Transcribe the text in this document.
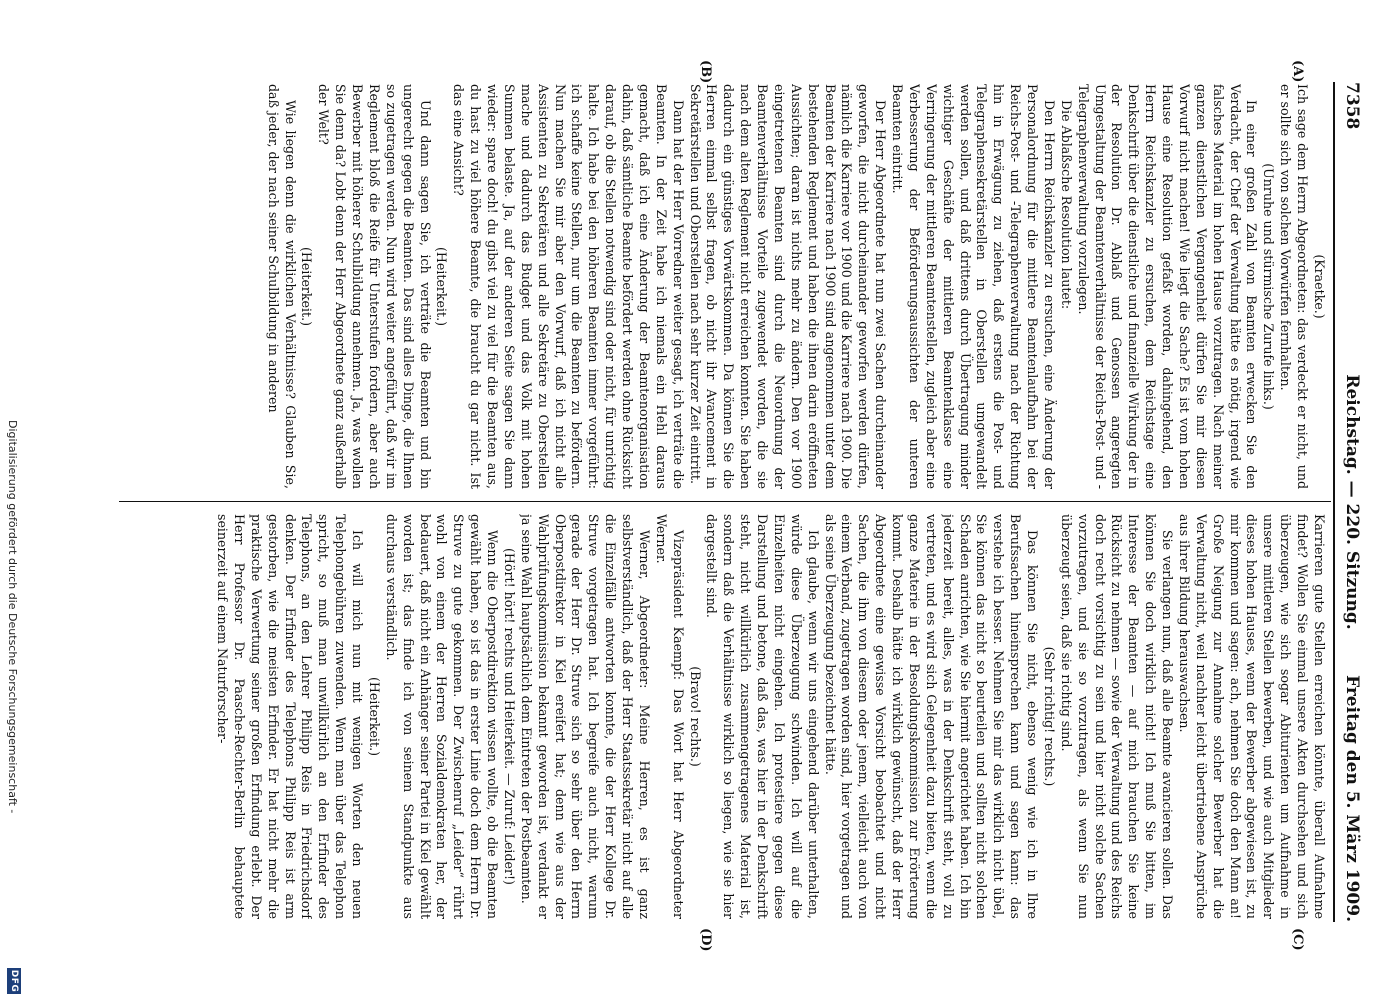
7358
Reichstag. — 220. Sitzung.
Freitag den 5. März 1909.
(A)
(B)
(C)
(D)

(Kraetke.)

Ich sage dem Herrn Abgeordneten: das verdeckt er nicht, und er sollte sich von solchen Vorwürfen fernhalten.

(Unruhe und stürmische Zurufe links.)

In einer großen Zahl von Beamten erwecken Sie den Verdacht, der Chef der Verwaltung hätte es nötig, irgend wie falsches Material im hohen Hause vorzutragen. Nach meiner ganzen dienstlichen Vergangenheit dürfen Sie mir diesen Vorwurf nicht machen! Wie liegt die Sache? Es ist vom hohen Hause eine Resolution gefaßt worden, dahingehend, den Herrn Reichskanzler zu ersuchen, dem Reichstage eine Denkschrift über die dienstliche und finanzielle Wirkung der in der Resolution Dr. Ablaß und Genossen angeregten Umgestaltung der Beamtenverhältnisse der Reichs-Post- und -Telegraphenverwaltung vorzulegen.

Die Ablaßsche Resolution lautet:

Den Herrn Reichskanzler zu ersuchen, eine Änderung der Personalordnung für die mittlere Beamtenlaufbahn bei der Reichs-Post- und -Telegraphenverwaltung nach der Richtung hin in Erwägung zu ziehen, daß erstens die Post- und Telegraphensekretärstellen in Oberstellen umgewandelt werden sollen, und daß drittens durch Übertragung minder wichtiger Geschäfte der mittleren Beamtenklasse eine Verringerung der mittleren Beamtenstellen, zugleich aber eine Verbesserung der Beförderungsaussichten der unteren Beamten eintritt.

Der Herr Abgeordnete hat nun zwei Sachen durcheinander geworfen, die nicht durcheinander geworfen werden dürfen, nämlich die Karriere vor 1900 und die Karriere nach 1900. Die Beamten der Karriere nach 1900 sind angenommen unter dem bestehenden Reglement und haben die ihnen darin eröffneten Aussichten; daran ist nichts mehr zu ändern. Den vor 1900 eingetretenen Beamten sind durch die Neuordnung der Beamtenverhältnisse Vorteile zugewendet worden, die sie nach dem alten Reglement nicht erreichen konnten. Sie haben dadurch ein günstiges Vorwärtskommen. Da können Sie die Herren einmal selbst fragen, ob nicht ihr Avancement in Sekretärstellen und Oberstellen nach sehr kurzer Zeit eintritt.

Dann hat der Herr Vorredner weiter gesagt, ich verträte die Beamten. In der Zeit habe ich niemals ein Hehl daraus gemacht, daß ich eine Änderung der Beamtenorganisation dahin, daß sämtliche Beamte befördert werden ohne Rücksicht darauf, ob die Stellen notwendig sind oder nicht, für unrichtig halte. Ich habe bei den höheren Beamten immer vorgeführt: ich schaffe keine Stellen, nur um die Beamten zu befördern. Nun machen Sie mir aber den Vorwurf, daß ich nicht alle Assistenten zu Sekretären und alle Sekretäre zu Oberstellen mache und dadurch das Budget und das Volk mit hohen Summen belaste. Ja, auf der anderen Seite sagen Sie dann wieder: spare doch! du gibst viel zu viel für die Beamten aus, du hast zu viel höhere Beamte, die braucht du gar nicht. Ist das eine Ansicht?

(Heiterkeit.)

Und dann sagen Sie, ich verträte die Beamten und bin ungerecht gegen die Beamten. Das sind alles Dinge, die Ihnen so zugetragen werden. Nun wird weiter angeführt, daß wir im Reglement bloß die Reife für Unterstufen fordern, aber auch Bewerber mit höherer Schulbildung annehmen. Ja, was wollen Sie denn da? Lobt denn der Herr Abgeordnete ganz außerhalb der Welt?

(Heiterkeit.)

Wie liegen denn die wirklichen Verhältnisse? Glauben Sie, daß jeder, der nach seiner Schulbildung in anderen

Karrieren gute Stellen erreichen könnte, überall Aufnahme findet? Wollen Sie einmal unsere Akten durchsehen und sich überzeugen, wie sich sogar Abiturienten um Aufnahme in unsere mittleren Stellen bewerben, und wie auch Mitglieder dieses hohen Hauses, wenn der Bewerber abgewiesen ist, zu mir kommen und sagen: ach, nehmen Sie doch den Mann an! Große Neigung zur Annahme solcher Bewerber hat die Verwaltung nicht, weil nachher leicht übertriebene Ansprüche aus ihrer Bildung herauswachsen.

Sie verlangen nun, daß alle Beamte avancieren sollen. Das können Sie doch wirklich nicht! Ich muß Sie bitten, im Interesse der Beamten — auf mich brauchen Sie keine Rücksicht zu nehmen — sowie der Verwaltung und des Reichs doch recht vorsichtig zu sein und hier nicht solche Sachen vorzutragen, und sie so vorzutragen, als wenn Sie nun überzeugt seien, daß sie richtig sind.

(Sehr richtig! rechts.)

Das können Sie nicht, ebenso wenig wie ich in Ihre Berufssachen hineinsprechen kann und sagen kann: das verstehe ich besser. Nehmen Sie mir das wirklich nicht übel, Sie können das nicht so beurteilen und sollten nicht solchen Schaden anrichten, wie Sie hiermit angerichtet haben. Ich bin jederzeit bereit, alles, was in der Denkschrift steht, voll zu vertreten, und es wird sich Gelegenheit dazu bieten, wenn die ganze Materie in der Besoldungskommission zur Erörterung kommt. Deshalb hätte ich wirklich gewünscht, daß der Herr Abgeordnete eine gewisse Vorsicht beobachtet und nicht Sachen, die ihm von diesem oder jenem, vielleicht auch von einem Verband, zugetragen worden sind, hier vorgetragen und als seine Überzeugung bezeichnet hätte.

Ich glaube, wenn wir uns eingehend darüber unterhalten, würde diese Überzeugung schwinden. Ich will auf die Einzelheiten nicht eingehen. Ich protestiere gegen diese Darstellung und betone, daß das, was hier in der Denkschrift steht, nicht willkürlich zusammengetragenes Material ist, sondern daß die Verhältnisse wirklich so liegen, wie sie hier dargestellt sind.

(Bravo! rechts.)

Vizepräsident Kaempf: Das Wort hat Herr Abgeordneter Werner.

Werner, Abgeordneter: Meine Herren, es ist ganz selbstverständlich, daß der Herr Staatssekretär nicht auf alle die Einzelfälle antworten konnte, die der Herr Kollege Dr. Struve vorgetragen hat. Ich begreife auch nicht, warum gerade der Herr Dr. Struve sich so sehr über den Herrn Oberpostdirektor in Kiel ereifert hat; denn wie aus der Wahlprüfungskommission bekannt geworden ist, verdankt er ja seine Wahl hauptsächlich dem Eintreten der Postbeamten.

(Hört! hört! rechts und Heiterkeit. — Zuruf: Leider!)

Wenn die Oberpostdirektion wissen wollte, ob die Beamten gewählt haben, so ist das in erster Linie doch dem Herrn Dr. Struve zu gute gekommen. Der Zwischenruf „Leider“ rührt wohl von einem der Herren Sozialdemokraten her, der bedauert, daß nicht ein Anhänger seiner Partei in Kiel gewählt worden ist; das finde ich von seinem Standpunkte aus durchaus verständlich.

(Heiterkeit.)

Ich will mich nun mit wenigen Worten den neuen Telephongebühren zuwenden. Wenn man über das Telephon spricht, so muß man unwillkürlich an den Erfinder des Telephons, an den Lehrer Philipp Reis in Friedrichsdorf denken. Der Erfinder des Telephons Philipp Reis ist arm gestorben, wie die meisten Erfinder. Er hat nicht mehr die praktische Verwertung seiner großen Erfindung erlebt. Der Herr Professor Dr. Paasche-Rechter-Berlin behauptete seinerzeit auf einem Naturforscher-

Digitalisierung gefördert durch die Deutsche Forschungsgemeinschaft -
DFG
